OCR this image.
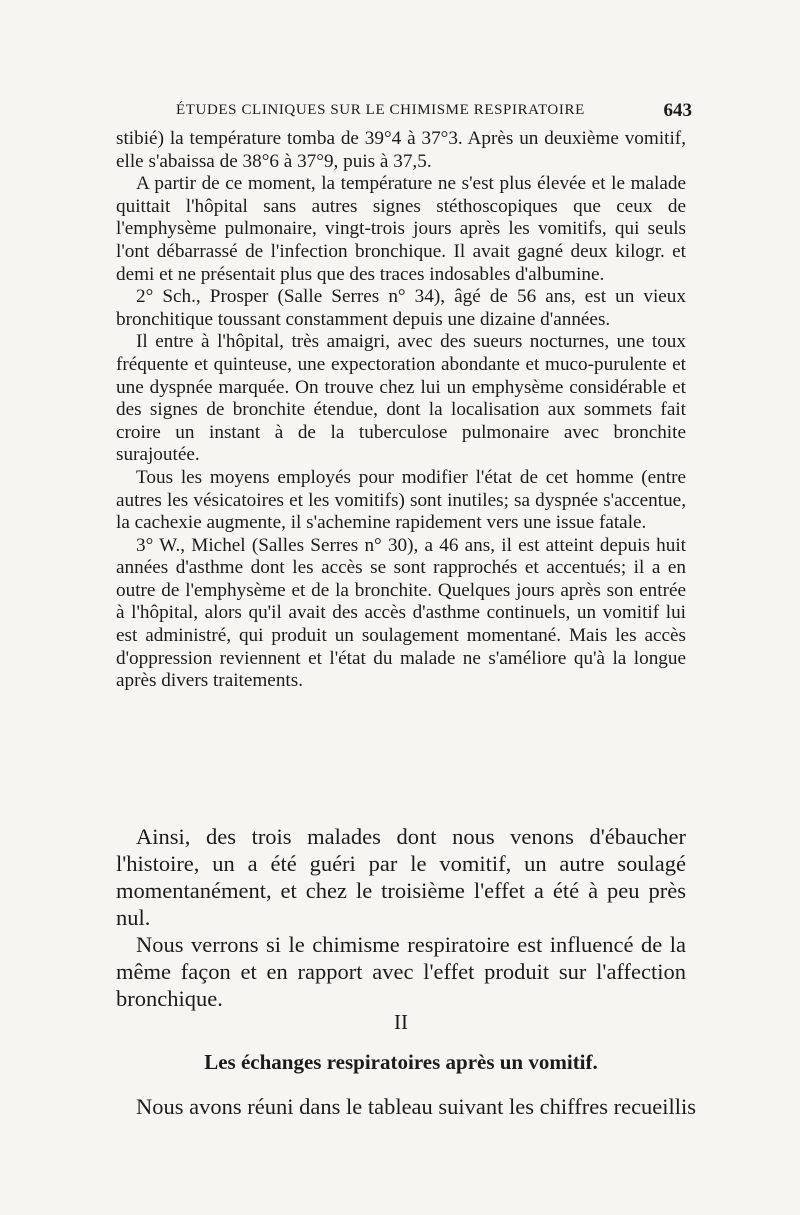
ÉTUDES CLINIQUES SUR LE CHIMISME RESPIRATOIRE	643

stibié) la température tomba de 39°4 à 37°3. Après un deuxième vomitif, elle s'abaissa de 38°6 à 37°9, puis à 37,5.

A partir de ce moment, la température ne s'est plus élevée et le malade quittait l'hôpital sans autres signes stéthoscopiques que ceux de l'emphysème pulmonaire, vingt-trois jours après les vomitifs, qui seuls l'ont débarrassé de l'infection bronchique. Il avait gagné deux kilogr. et demi et ne présentait plus que des traces indosables d'albumine.

2° Sch., Prosper (Salle Serres n° 34), âgé de 56 ans, est un vieux bronchitique toussant constamment depuis une dizaine d'années.

Il entre à l'hôpital, très amaigri, avec des sueurs nocturnes, une toux fréquente et quinteuse, une expectoration abondante et muco-purulente et une dyspnée marquée. On trouve chez lui un emphysème considérable et des signes de bronchite étendue, dont la localisation aux sommets fait croire un instant à de la tuberculose pulmonaire avec bronchite surajoutée.

Tous les moyens employés pour modifier l'état de cet homme (entre autres les vésicatoires et les vomitifs) sont inutiles; sa dyspnée s'accentue, la cachexie augmente, il s'achemine rapidement vers une issue fatale.

3° W., Michel (Salles Serres n° 30), a 46 ans, il est atteint depuis huit années d'asthme dont les accès se sont rapprochés et accentués; il a en outre de l'emphysème et de la bronchite. Quelques jours après son entrée à l'hôpital, alors qu'il avait des accès d'asthme continuels, un vomitif lui est administré, qui produit un soulagement momentané. Mais les accès d'oppression reviennent et l'état du malade ne s'améliore qu'à la longue après divers traitements.

Ainsi, des trois malades dont nous venons d'ébaucher l'histoire, un a été guéri par le vomitif, un autre soulagé momentanément, et chez le troisième l'effet a été à peu près nul.

Nous verrons si le chimisme respiratoire est influencé de la même façon et en rapport avec l'effet produit sur l'affection bronchique.

II
Les échanges respiratoires après un vomitif.
Nous avons réuni dans le tableau suivant les chiffres recueillis
